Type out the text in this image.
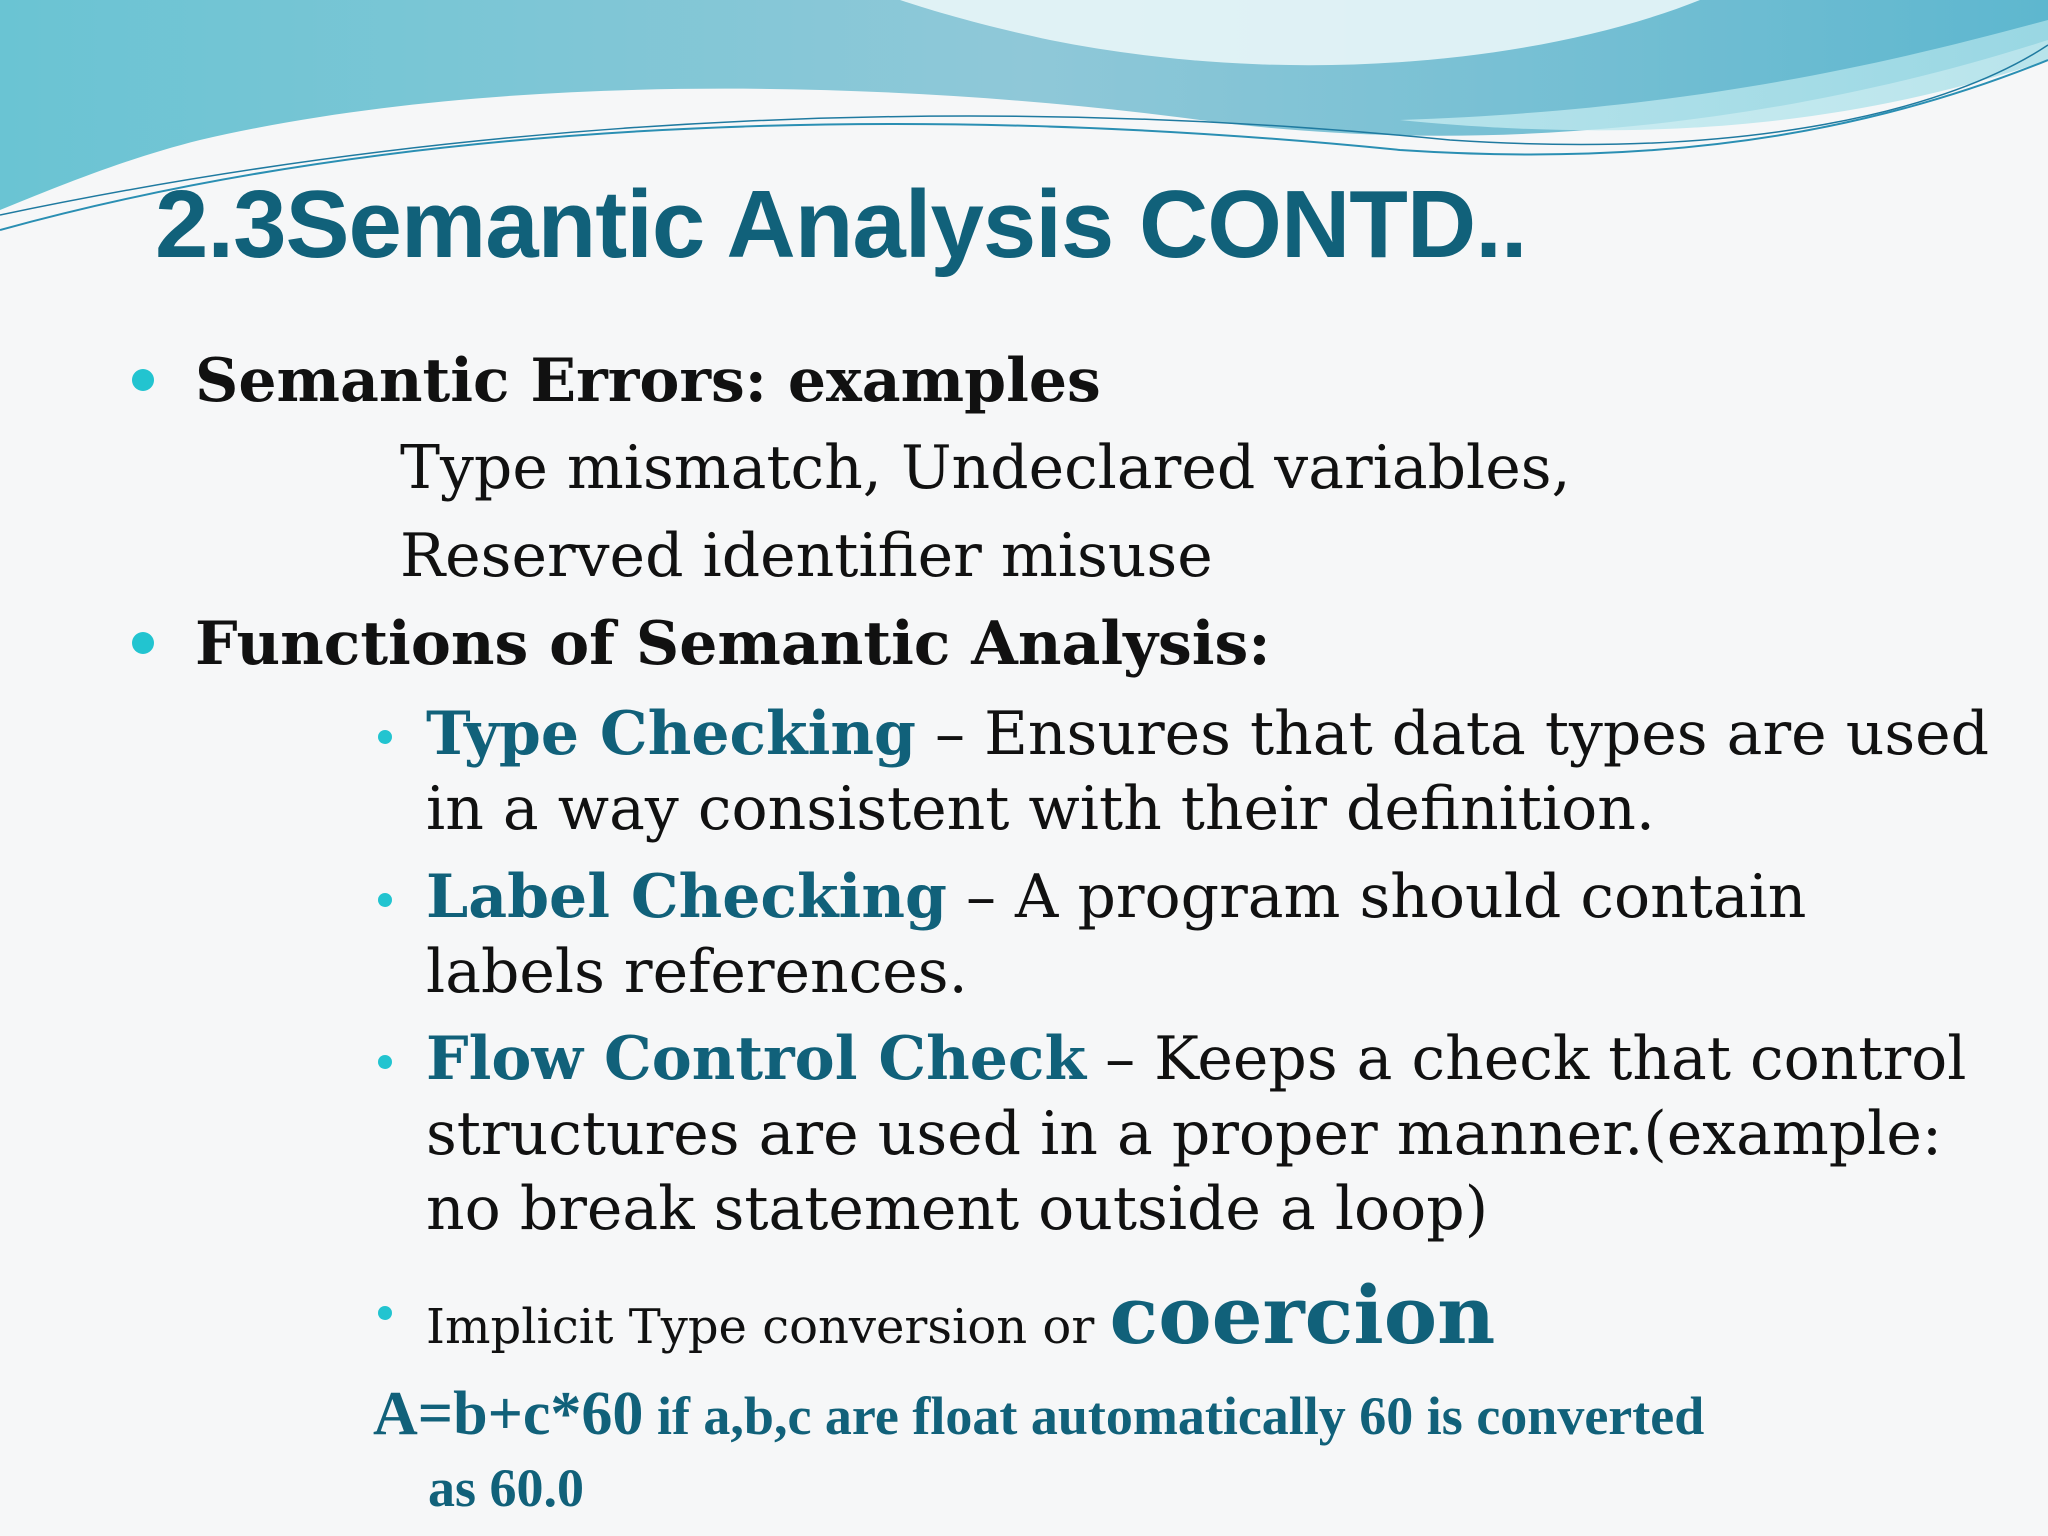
2.3Semantic Analysis CONTD..
Semantic Errors: examples
Type mismatch, Undeclared variables,
Reserved identifier misuse
Functions of Semantic Analysis:
Type Checking – Ensures that data types are used
in a way consistent with their definition.
Label Checking – A program should contain
labels references.
Flow Control Check – Keeps a check that control
structures are used in a proper manner.(example:
no break statement outside a loop)
Implicit Type conversion or coercion
A=b+c*60 if a,b,c are float automatically 60 is converted
as 60.0
